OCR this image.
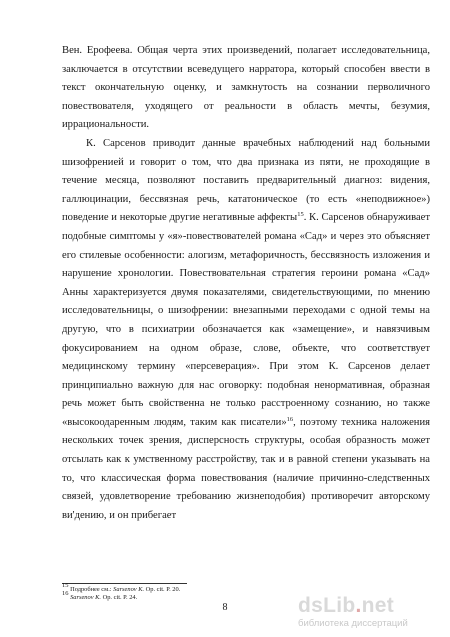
Вен. Ерофеева. Общая черта этих произведений, полагает исследовательница, заключается в отсутствии всеведущего нарратора, который способен ввести в текст окончательную оценку, и замкнутость на сознании перволичного повествователя, уходящего от реальности в область мечты, безумия, иррациональности.

К. Сарсенов приводит данные врачебных наблюдений над больными шизофренией и говорит о том, что два признака из пяти, не проходящие в течение месяца, позволяют поставить предварительный диагноз: видения, галлюцинации, бессвязная речь, кататоническое (то есть «неподвижное») поведение и некоторые другие негативные аффекты$^{15}$. К. Сарсенов обнаруживает подобные симптомы у «я»-повествователей романа «Сад» и через это объясняет его стилевые особенности: алогизм, метафоричность, бессвязность изложения и нарушение хронологии. Повествовательная стратегия героини романа «Сад» Анны характеризуется двумя показателями, свидетельствующими, по мнению исследовательницы, о шизофрении: внезапными переходами с одной темы на другую, что в психиатрии обозначается как «замещение», и навязчивым фокусированием на одном образе, слове, объекте, что соответствует медицинскому термину «персеверация». При этом К. Сарсенов делает принципиально важную для нас оговорку: подобная ненормативная, образная речь может быть свойственна не только расстроенному сознанию, но также «высокоодаренным людям, таким как писатели»$^{16}$, поэтому техника наложения нескольких точек зрения, дисперсность структуры, особая образность может отсылать как к умственному расстройству, так и в равной степени указывать на то, что классическая форма повествования (наличие причинно-следственных связей, удовлетворение требованию жизнеподобия) противоречит авторскому ви'дению, и он прибегает

$^{15}$ Подробнее см.: Sarsenov K. Op. cit. P. 20.

$^{16}$ Sarsenov K. Op. cit. P. 24.

8	dsLib.net
библиотека диссертаций
